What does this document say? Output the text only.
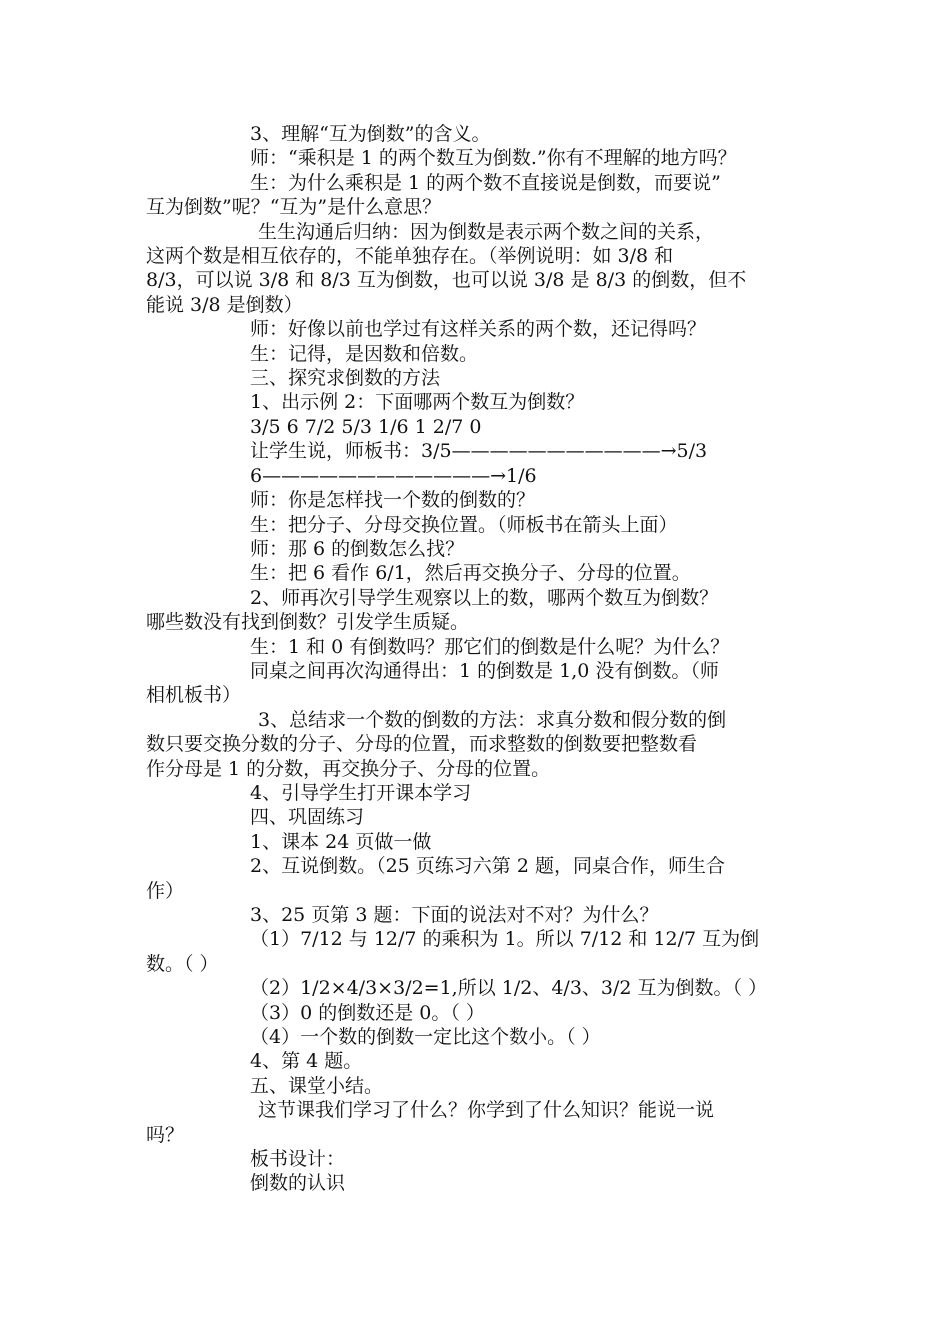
3、理解“互为倒数”的含义。
师：“乘积是 1 的两个数互为倒数.”你有不理解的地方吗？
生：为什么乘积是 1 的两个数不直接说是倒数，而要说”
互为倒数”呢？“互为”是什么意思？
生生沟通后归纳：因为倒数是表示两个数之间的关系，
这两个数是相互依存的，不能单独存在。（举例说明：如 3/8 和
8/3，可以说 3/8 和 8/3 互为倒数，也可以说 3/8 是 8/3 的倒数，但不
能说 3/8 是倒数）
师：好像以前也学过有这样关系的两个数，还记得吗？
生：记得，是因数和倍数。
三、探究求倒数的方法
1、出示例 2：下面哪两个数互为倒数？
3/5 6 7/2 5/3 1/6 1 2/7 0
让学生说，师板书：3/5———————————→5/3
6————————————→1/6
师：你是怎样找一个数的倒数的？
生：把分子、分母交换位置。（师板书在箭头上面）
师：那 6 的倒数怎么找？
生：把 6 看作 6/1，然后再交换分子、分母的位置。
2、师再次引导学生观察以上的数，哪两个数互为倒数？
哪些数没有找到倒数？引发学生质疑。
生：1 和 0 有倒数吗？那它们的倒数是什么呢？为什么？
同桌之间再次沟通得出：1 的倒数是 1,0 没有倒数。（师
相机板书）
3、总结求一个数的倒数的方法：求真分数和假分数的倒
数只要交换分数的分子、分母的位置，而求整数的倒数要把整数看
作分母是 1 的分数，再交换分子、分母的位置。
4、引导学生打开课本学习
四、巩固练习
1、课本 24 页做一做
2、互说倒数。（25 页练习六第 2 题，同桌合作，师生合
作）
3、25 页第 3 题：下面的说法对不对？为什么？
（1）7/12 与 12/7 的乘积为 1。所以 7/12 和 12/7 互为倒
数。（ ）
（2）1/2×4/3×3/2=1,所以 1/2、4/3、3/2 互为倒数。（ ）
（3）0 的倒数还是 0。（ ）
（4）一个数的倒数一定比这个数小。（ ）
4、第 4 题。
五、课堂小结。
这节课我们学习了什么？你学到了什么知识？能说一说
吗？
板书设计：
倒数的认识
